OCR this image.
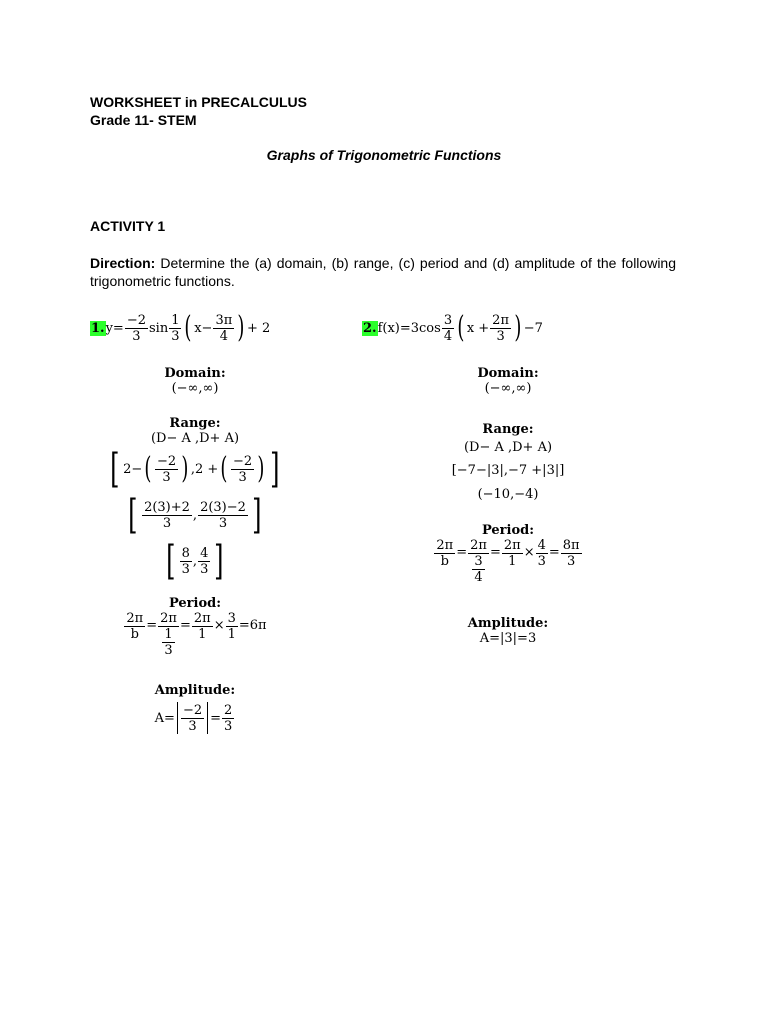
WORKSHEET in PRECALCULUS
Grade 11- STEM
Graphs of Trigonometric Functions
ACTIVITY 1
Direction: Determine the (a) domain, (b) range, (c) period and (d) amplitude of the following trigonometric functions.
1. $y= \frac{-2}{3}$ $\sin \frac{1}{3}$ ( $x- \frac{3\pi}{4}$ ) + 2	2. $f(x)=3\cos \frac{3}{4}$ ( $x + \frac{2\pi}{3}$ ) −7
Domain:
(−∞,∞)
Range:
(D− A ,D+ A)
[ 2− ( $\frac{-2}{3}$ ) ,2 + ( $\frac{-2}{3}$ ) ]
[ $\frac{2(3)+2}{3}$ , $\frac{2(3)-2}{3}$ ]
[ $\frac{8}{3}$ , $\frac{4}{3}$ ]
Period:
$\frac{2\pi}{b} = 2\pi$
1
3
= $\frac{2\pi}{1} \times \frac{3}{1} =6\pi$
Amplitude:
$A= \frac{-2}{3} = \frac{2}{3}$
Domain:
(−∞,∞)
Range:
(D− A ,D+ A)
[−7−|3|,−7 +|3|]
(−10,−4)
Period:
$\frac{2\pi}{b} = 2\pi$
3
4
= $\frac{2\pi}{1} \times \frac{4}{3} = \frac{8\pi}{3}$
Amplitude:
A=|3|=3
